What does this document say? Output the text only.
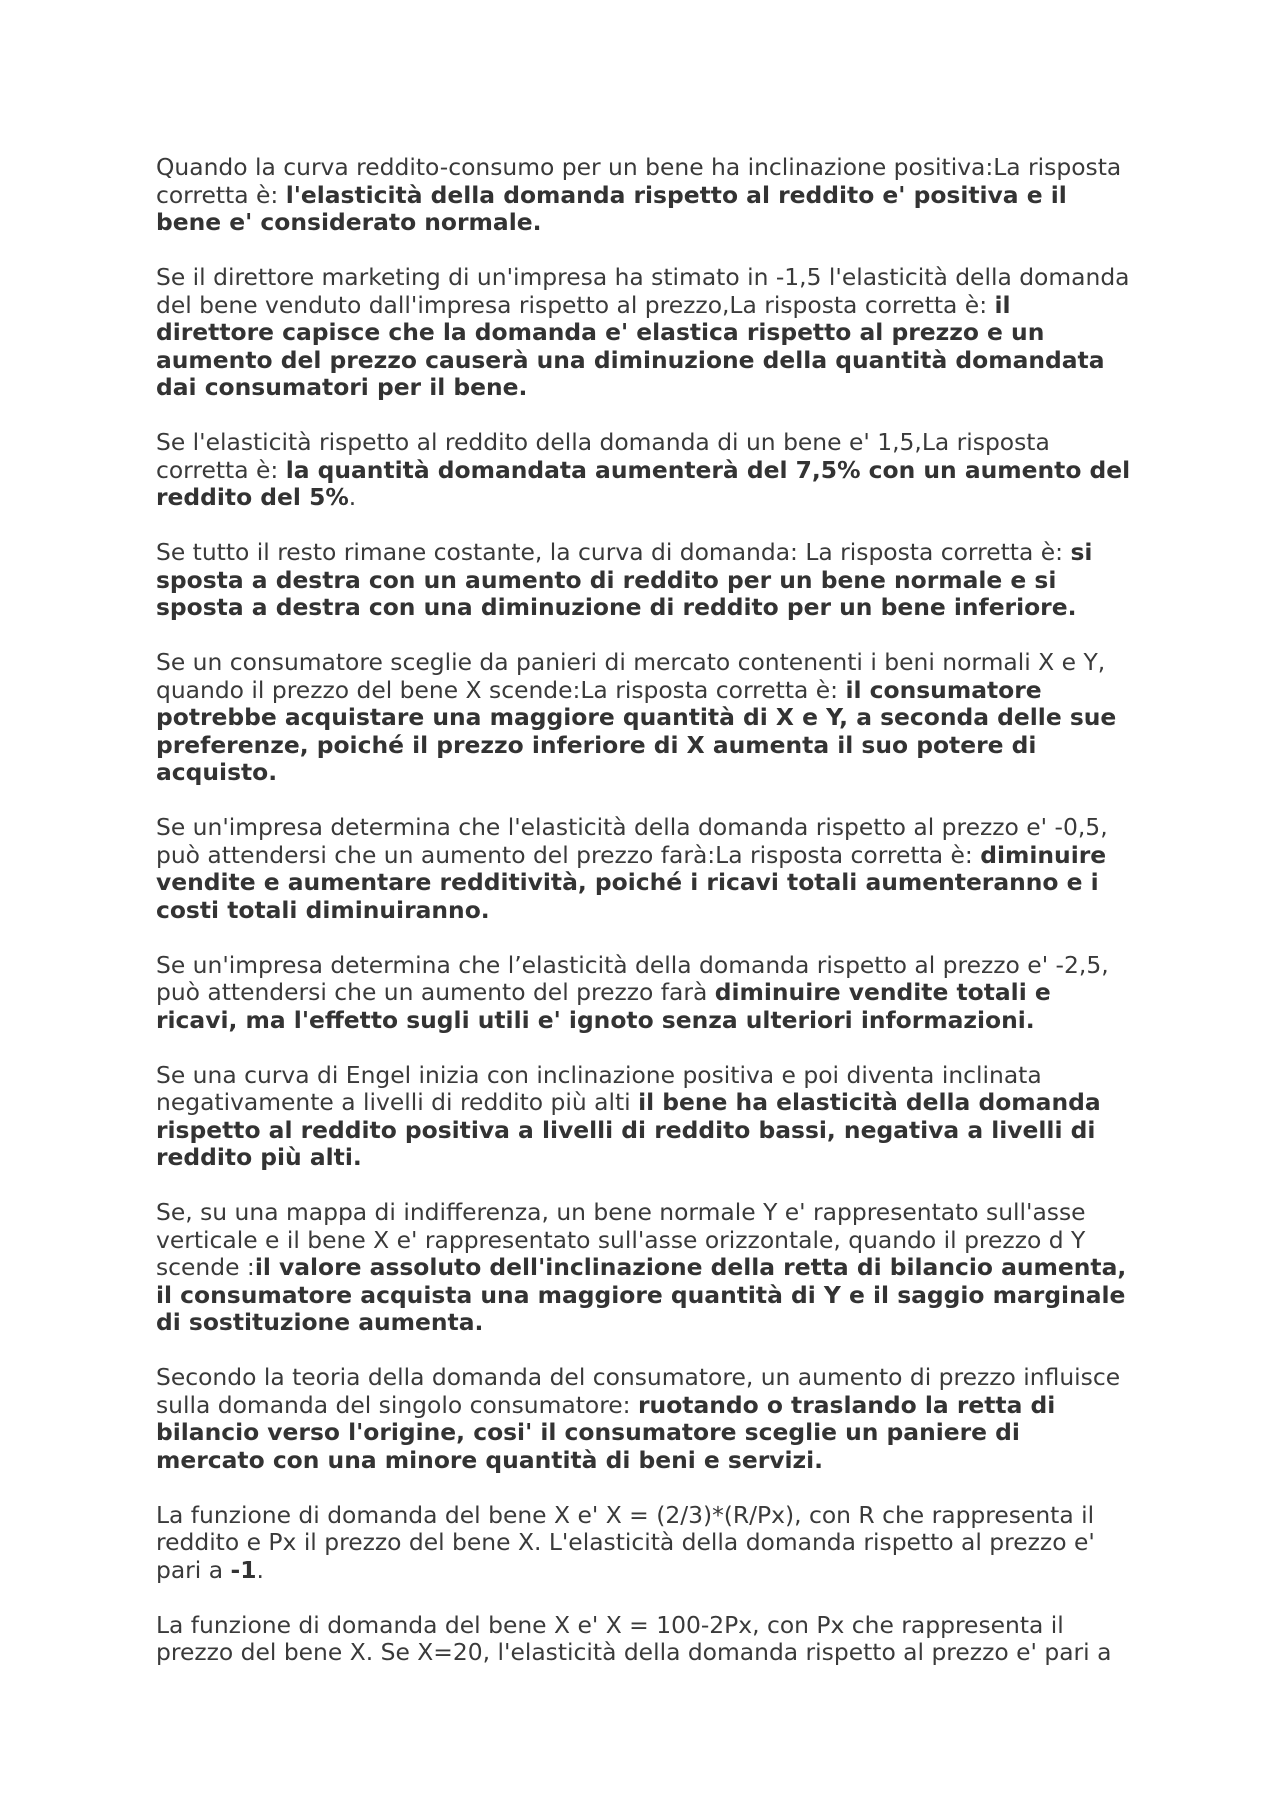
Quando la curva reddito-consumo per un bene ha inclinazione positiva:La risposta corretta è: l'elasticità della domanda rispetto al reddito e' positiva e il bene e' considerato normale.

Se il direttore marketing di un'impresa ha stimato in -1,5 l'elasticità della domanda del bene venduto dall'impresa rispetto al prezzo,La risposta corretta è: il direttore capisce che la domanda e' elastica rispetto al prezzo e un aumento del prezzo causerà una diminuzione della quantità domandata dai consumatori per il bene.

Se l'elasticità rispetto al reddito della domanda di un bene e' 1,5,La risposta corretta è: la quantità domandata aumenterà del 7,5% con un aumento del reddito del 5%.

Se tutto il resto rimane costante, la curva di domanda: La risposta corretta è: si sposta a destra con un aumento di reddito per un bene normale e si sposta a destra con una diminuzione di reddito per un bene inferiore.

Se un consumatore sceglie da panieri di mercato contenenti i beni normali X e Y, quando il prezzo del bene X scende:La risposta corretta è: il consumatore potrebbe acquistare una maggiore quantità di X e Y, a seconda delle sue preferenze, poiché il prezzo inferiore di X aumenta il suo potere di acquisto.

Se un'impresa determina che l'elasticità della domanda rispetto al prezzo e' -0,5, può attendersi che un aumento del prezzo farà:La risposta corretta è: diminuire vendite e aumentare redditività, poiché i ricavi totali aumenteranno e i costi totali diminuiranno.

Se un'impresa determina che l’elasticità della domanda rispetto al prezzo e' -2,5, può attendersi che un aumento del prezzo farà diminuire vendite totali e ricavi, ma l'effetto sugli utili e' ignoto senza ulteriori informazioni.

Se una curva di Engel inizia con inclinazione positiva e poi diventa inclinata negativamente a livelli di reddito più alti il bene ha elasticità della domanda rispetto al reddito positiva a livelli di reddito bassi, negativa a livelli di reddito più alti.

Se, su una mappa di indifferenza, un bene normale Y e' rappresentato sull'asse verticale e il bene X e' rappresentato sull'asse orizzontale, quando il prezzo d Y scende :il valore assoluto dell'inclinazione della retta di bilancio aumenta, il consumatore acquista una maggiore quantità di Y e il saggio marginale di sostituzione aumenta.

Secondo la teoria della domanda del consumatore, un aumento di prezzo influisce sulla domanda del singolo consumatore: ruotando o traslando la retta di bilancio verso l'origine, cosi' il consumatore sceglie un paniere di mercato con una minore quantità di beni e servizi.

La funzione di domanda del bene X e' X = (2/3)*(R/Px), con R che rappresenta il reddito e Px il prezzo del bene X. L'elasticità della domanda rispetto al prezzo e' pari a -1.

La funzione di domanda del bene X e' X = 100-2Px, con Px che rappresenta il prezzo del bene X. Se X=20, l'elasticità della domanda rispetto al prezzo e' pari a
